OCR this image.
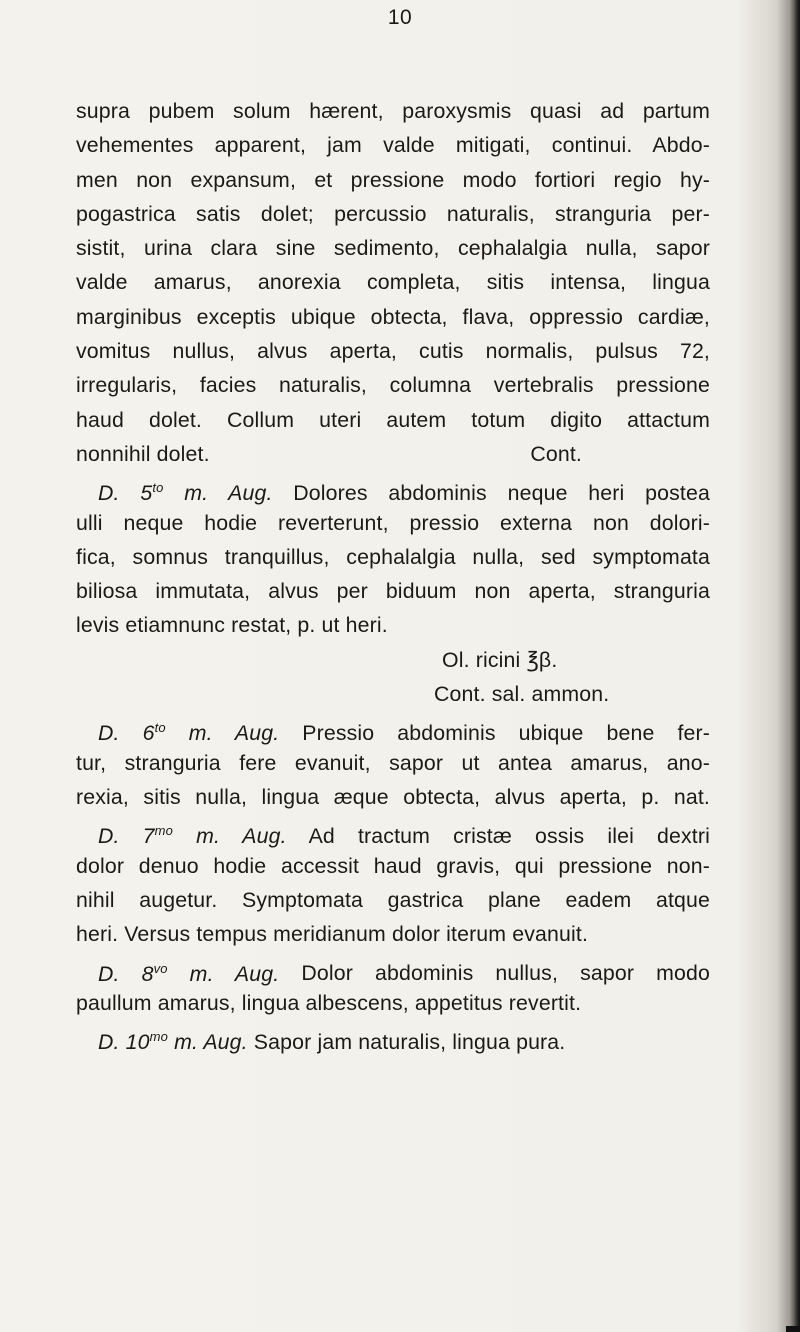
10
supra pubem solum hærent, paroxysmis quasi ad partum
vehementes apparent, jam valde mitigati, continui. Abdo-
men non expansum, et pressione modo fortiori regio hy-
pogastrica satis dolet; percussio naturalis, stranguria per-
sistit, urina clara sine sedimento, cephalalgia nulla, sapor
valde amarus, anorexia completa, sitis intensa, lingua
marginibus exceptis ubique obtecta, flava, oppressio cardiæ,
vomitus nullus, alvus aperta, cutis normalis, pulsus 72,
irregularis, facies naturalis, columna vertebralis pressione
haud dolet. Collum uteri autem totum digito attactum
nonnihil dolet.	Cont.
D. $5^{to}$ m. Aug. Dolores abdominis neque heri postea
ulli neque hodie reverterunt, pressio externa non dolori-
fica, somnus tranquillus, cephalalgia nulla, sed symptomata
biliosa immutata, alvus per biduum non aperta, stranguria
levis etiamnunc restat, p. ut heri.
Ol. ricini ℥β.
Cont. sal. ammon.
D. $6^{to}$ m. Aug. Pressio abdominis ubique bene fer-
tur, stranguria fere evanuit, sapor ut antea amarus, ano-
rexia, sitis nulla, lingua æque obtecta, alvus aperta, p. nat.
D. $7^{mo}$ m. Aug. Ad tractum cristæ ossis ilei dextri
dolor denuo hodie accessit haud gravis, qui pressione non-
nihil augetur. Symptomata gastrica plane eadem atque
heri. Versus tempus meridianum dolor iterum evanuit.
D. $8^{vo}$ m. Aug. Dolor abdominis nullus, sapor modo
paullum amarus, lingua albescens, appetitus revertit.
D. $10^{mo}$ m. Aug. Sapor jam naturalis, lingua pura.
